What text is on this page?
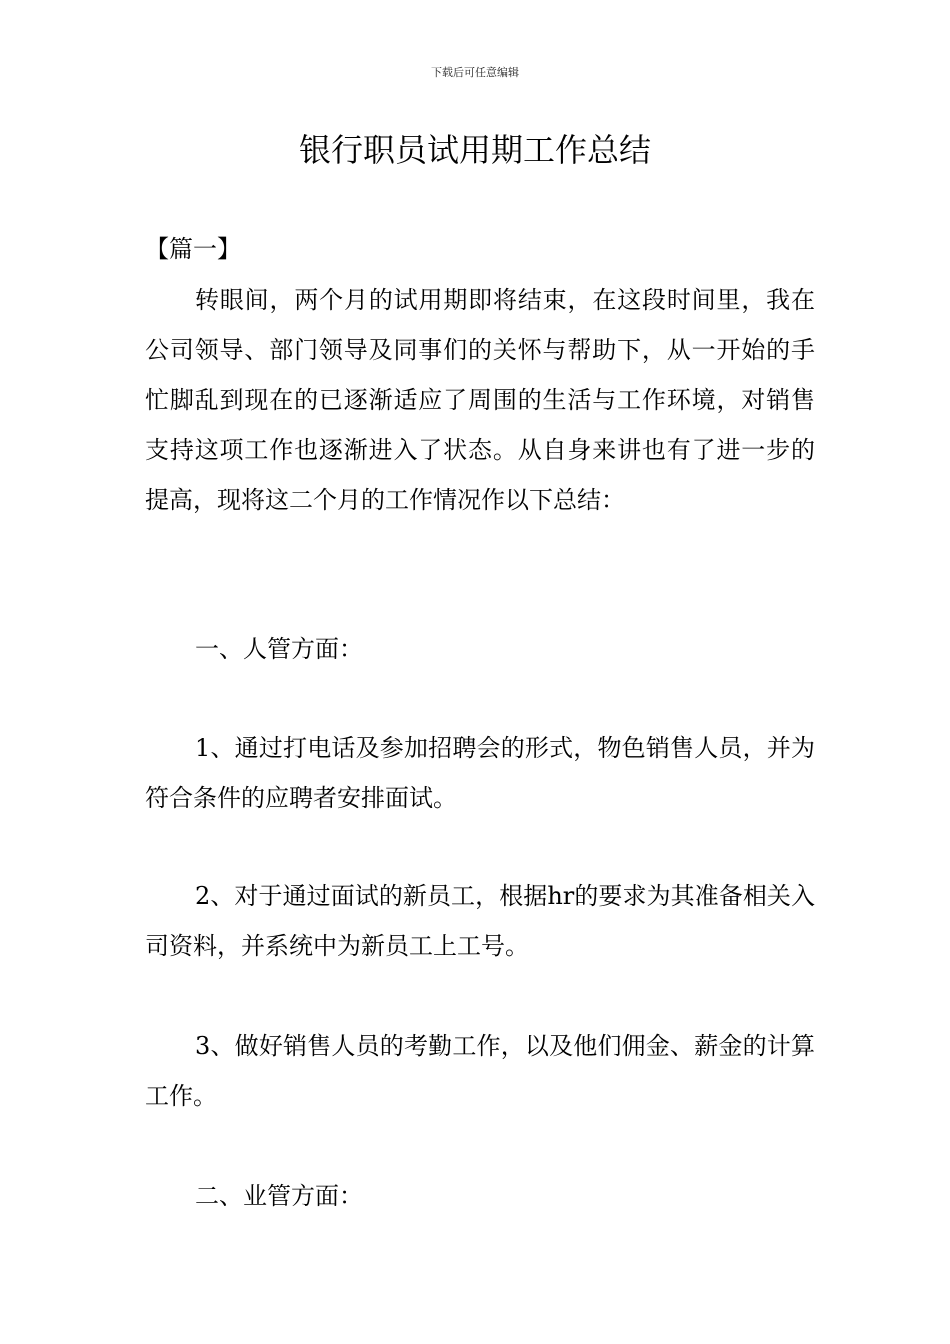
下载后可任意编辑
银行职员试用期工作总结
【篇一】

转眼间，两个月的试用期即将结束，在这段时间里，我在公司领导、部门领导及同事们的关怀与帮助下，从一开始的手忙脚乱到现在的已逐渐适应了周围的生活与工作环境，对销售支持这项工作也逐渐进入了状态。从自身来讲也有了进一步的提高，现将这二个月的工作情况作以下总结：

一、人管方面：

1、通过打电话及参加招聘会的形式，物色销售人员，并为符合条件的应聘者安排面试。

2、对于通过面试的新员工，根据hr的要求为其准备相关入司资料，并系统中为新员工上工号。

3、做好销售人员的考勤工作，以及他们佣金、薪金的计算工作。

二、业管方面：
